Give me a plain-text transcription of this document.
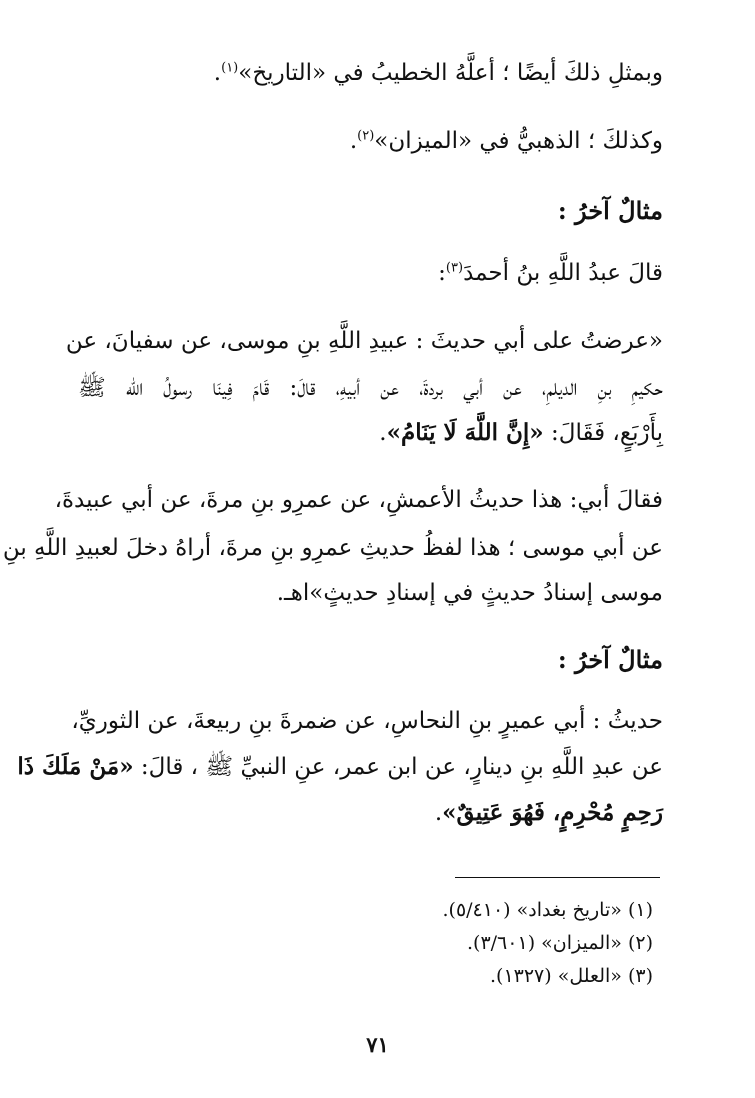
وبمثلِ ذلكَ أيضًا ؛ أعلَّهُ الخطيبُ في «التاريخ»$^{(١)}$.
وكذلكَ ؛ الذهبيُّ في «الميزان»$^{(٢)}$.
مثالٌ آخرُ :
قالَ عبدُ اللَّهِ بنُ أحمدَ$^{(٣)}$:
«عرضتُ على أبي حديثَ : عبيدِ اللَّهِ بنِ موسى، عن سفيانَ، عن
حكيمِ بنِ الديلمِ، عن أبي بردةَ، عن أبيهِ، قالَ: قَامَ فِينَا رسولُ الله ﷺ
بِأَرْبَعٍ، فَقَالَ: «إِنَّ اللَّهَ لَا يَنَامُ».
فقالَ أبي: هذا حديثُ الأعمشِ، عن عمرِو بنِ مرةَ، عن أبي عبيدةَ،
عن أبي موسى ؛ هذا لفظُ حديثِ عمرِو بنِ مرةَ، أراهُ دخلَ لعبيدِ اللَّهِ بنِ
موسى إسنادُ حديثٍ في إسنادِ حديثٍ»اهـ.
مثالٌ آخرُ :
حديثُ : أبي عميرٍ بنِ النحاسِ، عن ضمرةَ بنِ ربيعةَ، عن الثوريِّ،
عن عبدِ اللَّهِ بنِ دينارٍ، عن ابن عمر، عنِ النبيِّ ﷺ ، قالَ: «مَنْ مَلَكَ ذَا
رَحِمٍ مُحْرِمٍ، فَهُوَ عَتِيقٌ».
(١) «تاريخ بغداد» (٥/٤١٠).
(٢) «الميزان» (٣/٦٠١).
(٣) «العلل» (١٣٢٧).
٧١
